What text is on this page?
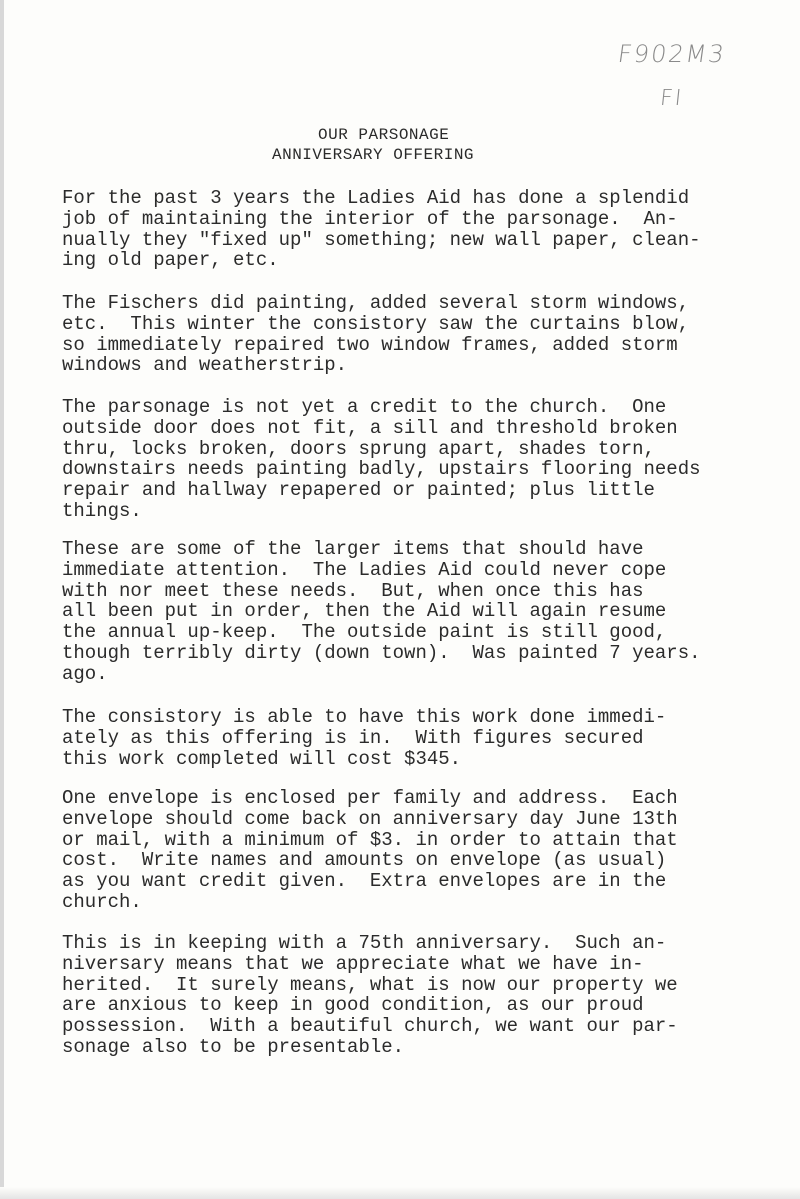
F902M3
FI
OUR PARSONAGE
ANNIVERSARY OFFERING

For the past 3 years the Ladies Aid has done a splendid
job of maintaining the interior of the parsonage.  An-
nually they "fixed up" something; new wall paper, clean-
ing old paper, etc.

The Fischers did painting, added several storm windows,
etc.  This winter the consistory saw the curtains blow,
so immediately repaired two window frames, added storm
windows and weatherstrip.

The parsonage is not yet a credit to the church.  One
outside door does not fit, a sill and threshold broken
thru, locks broken, doors sprung apart, shades torn,
downstairs needs painting badly, upstairs flooring needs
repair and hallway repapered or painted; plus little
things.

These are some of the larger items that should have
immediate attention.  The Ladies Aid could never cope
with nor meet these needs.  But, when once this has
all been put in order, then the Aid will again resume
the annual up-keep.  The outside paint is still good,
though terribly dirty (down town).  Was painted 7 years.
ago.

The consistory is able to have this work done immedi-
ately as this offering is in.  With figures secured
this work completed will cost $345.

One envelope is enclosed per family and address.  Each
envelope should come back on anniversary day June 13th
or mail, with a minimum of $3. in order to attain that
cost.  Write names and amounts on envelope (as usual)
as you want credit given.  Extra envelopes are in the
church.

This is in keeping with a 75th anniversary.  Such an-
niversary means that we appreciate what we have in-
herited.  It surely means, what is now our property we
are anxious to keep in good condition, as our proud
possession.  With a beautiful church, we want our par-
sonage also to be presentable.
